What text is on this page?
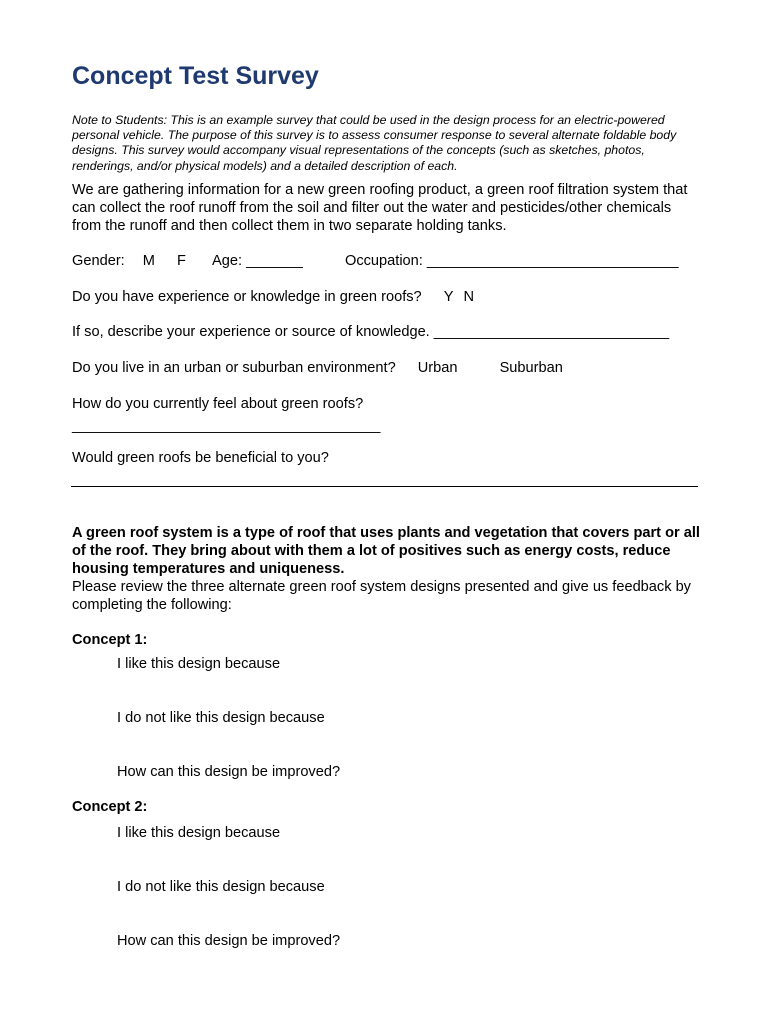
Concept Test Survey
Note to Students: This is an example survey that could be used in the design process for an electric-powered personal vehicle. The purpose of this survey is to assess consumer response to several alternate foldable body designs. This survey would accompany visual representations of the concepts (such as sketches, photos, renderings, and/or physical models) and a detailed description of each.
We are gathering information for a new green roofing product, a green roof filtration system that can collect the roof runoff from the soil and filter out the water and pesticides/other chemicals from the runoff and then collect them in two separate holding tanks.
Gender: M F Age: _______	Occupation: _______________________________
Do you have experience or knowledge in green roofs? Y N
If so, describe your experience or source of knowledge. _____________________________
Do you live in an urban or suburban environment? Urban	Suburban
How do you currently feel about green roofs?
______________________________________
Would green roofs be beneficial to you?
A green roof system is a type of roof that uses plants and vegetation that covers part or all of the roof. They bring about with them a lot of positives such as energy costs, reduce housing temperatures and uniqueness.
Please review the three alternate green roof system designs presented and give us feedback by completing the following:
Concept 1:
I like this design because
I do not like this design because
How can this design be improved?
Concept 2:
I like this design because
I do not like this design because
How can this design be improved?
